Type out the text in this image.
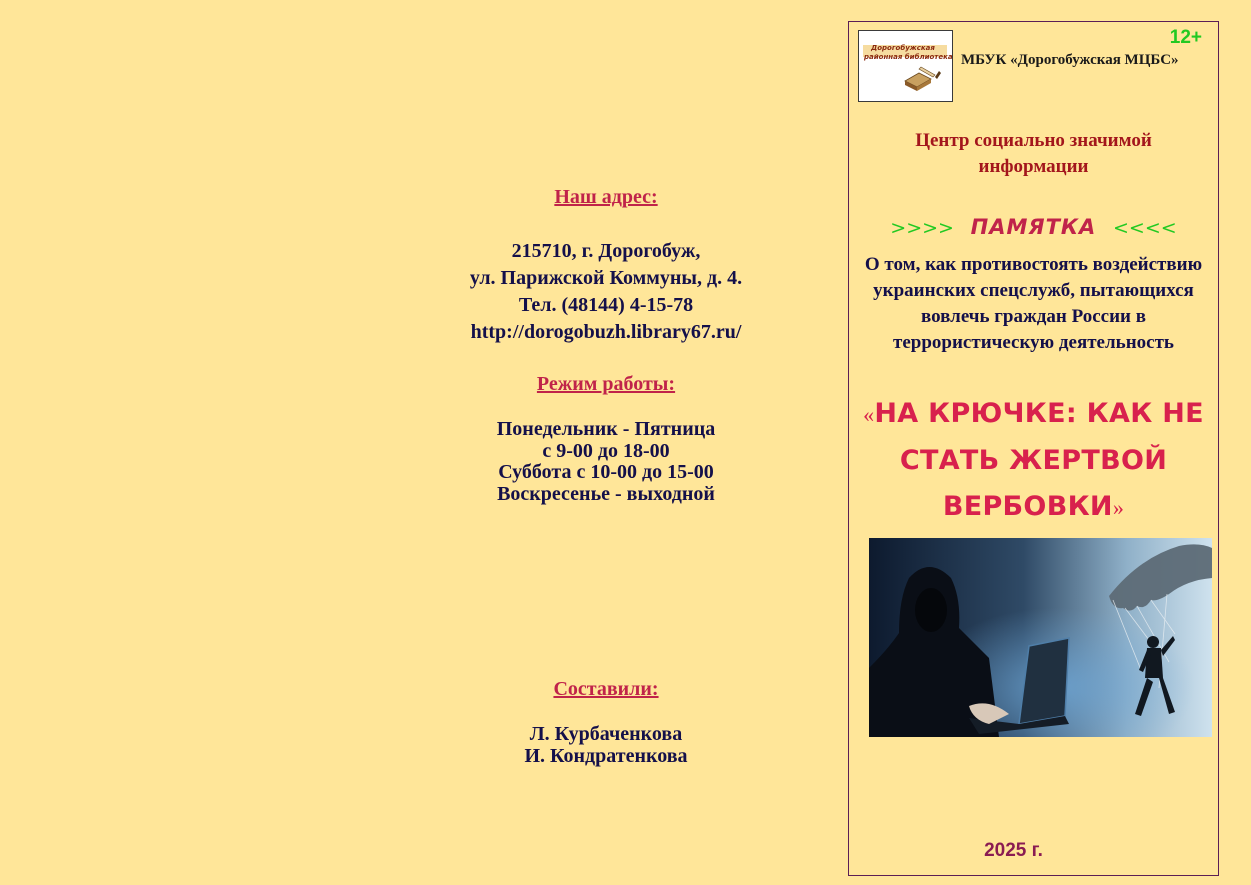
Наш адрес:
215710, г. Дорогобуж,
ул. Парижской Коммуны, д. 4.
Тел. (48144) 4-15-78
http://dorogobuzh.library67.ru/
Режим работы:
Понедельник - Пятница
с 9-00 до 18-00
Суббота с 10-00 до 15-00
Воскресенье - выходной
Составили:
Л. Курбаченкова
И. Кондратенкова
Дорогобужская
районная библиотека
12+
МБУК «Дорогобужская МЦБС»
Центр социально значимой информации
>>>> ПАМЯТКА <<<<
О том, как противостоять воздействию украинских спецслужб, пытающихся вовлечь граждан России в террористическую деятельность
«НА КРЮЧКЕ: КАК НЕ СТАТЬ ЖЕРТВОЙ ВЕРБОВКИ»
2025 г.
